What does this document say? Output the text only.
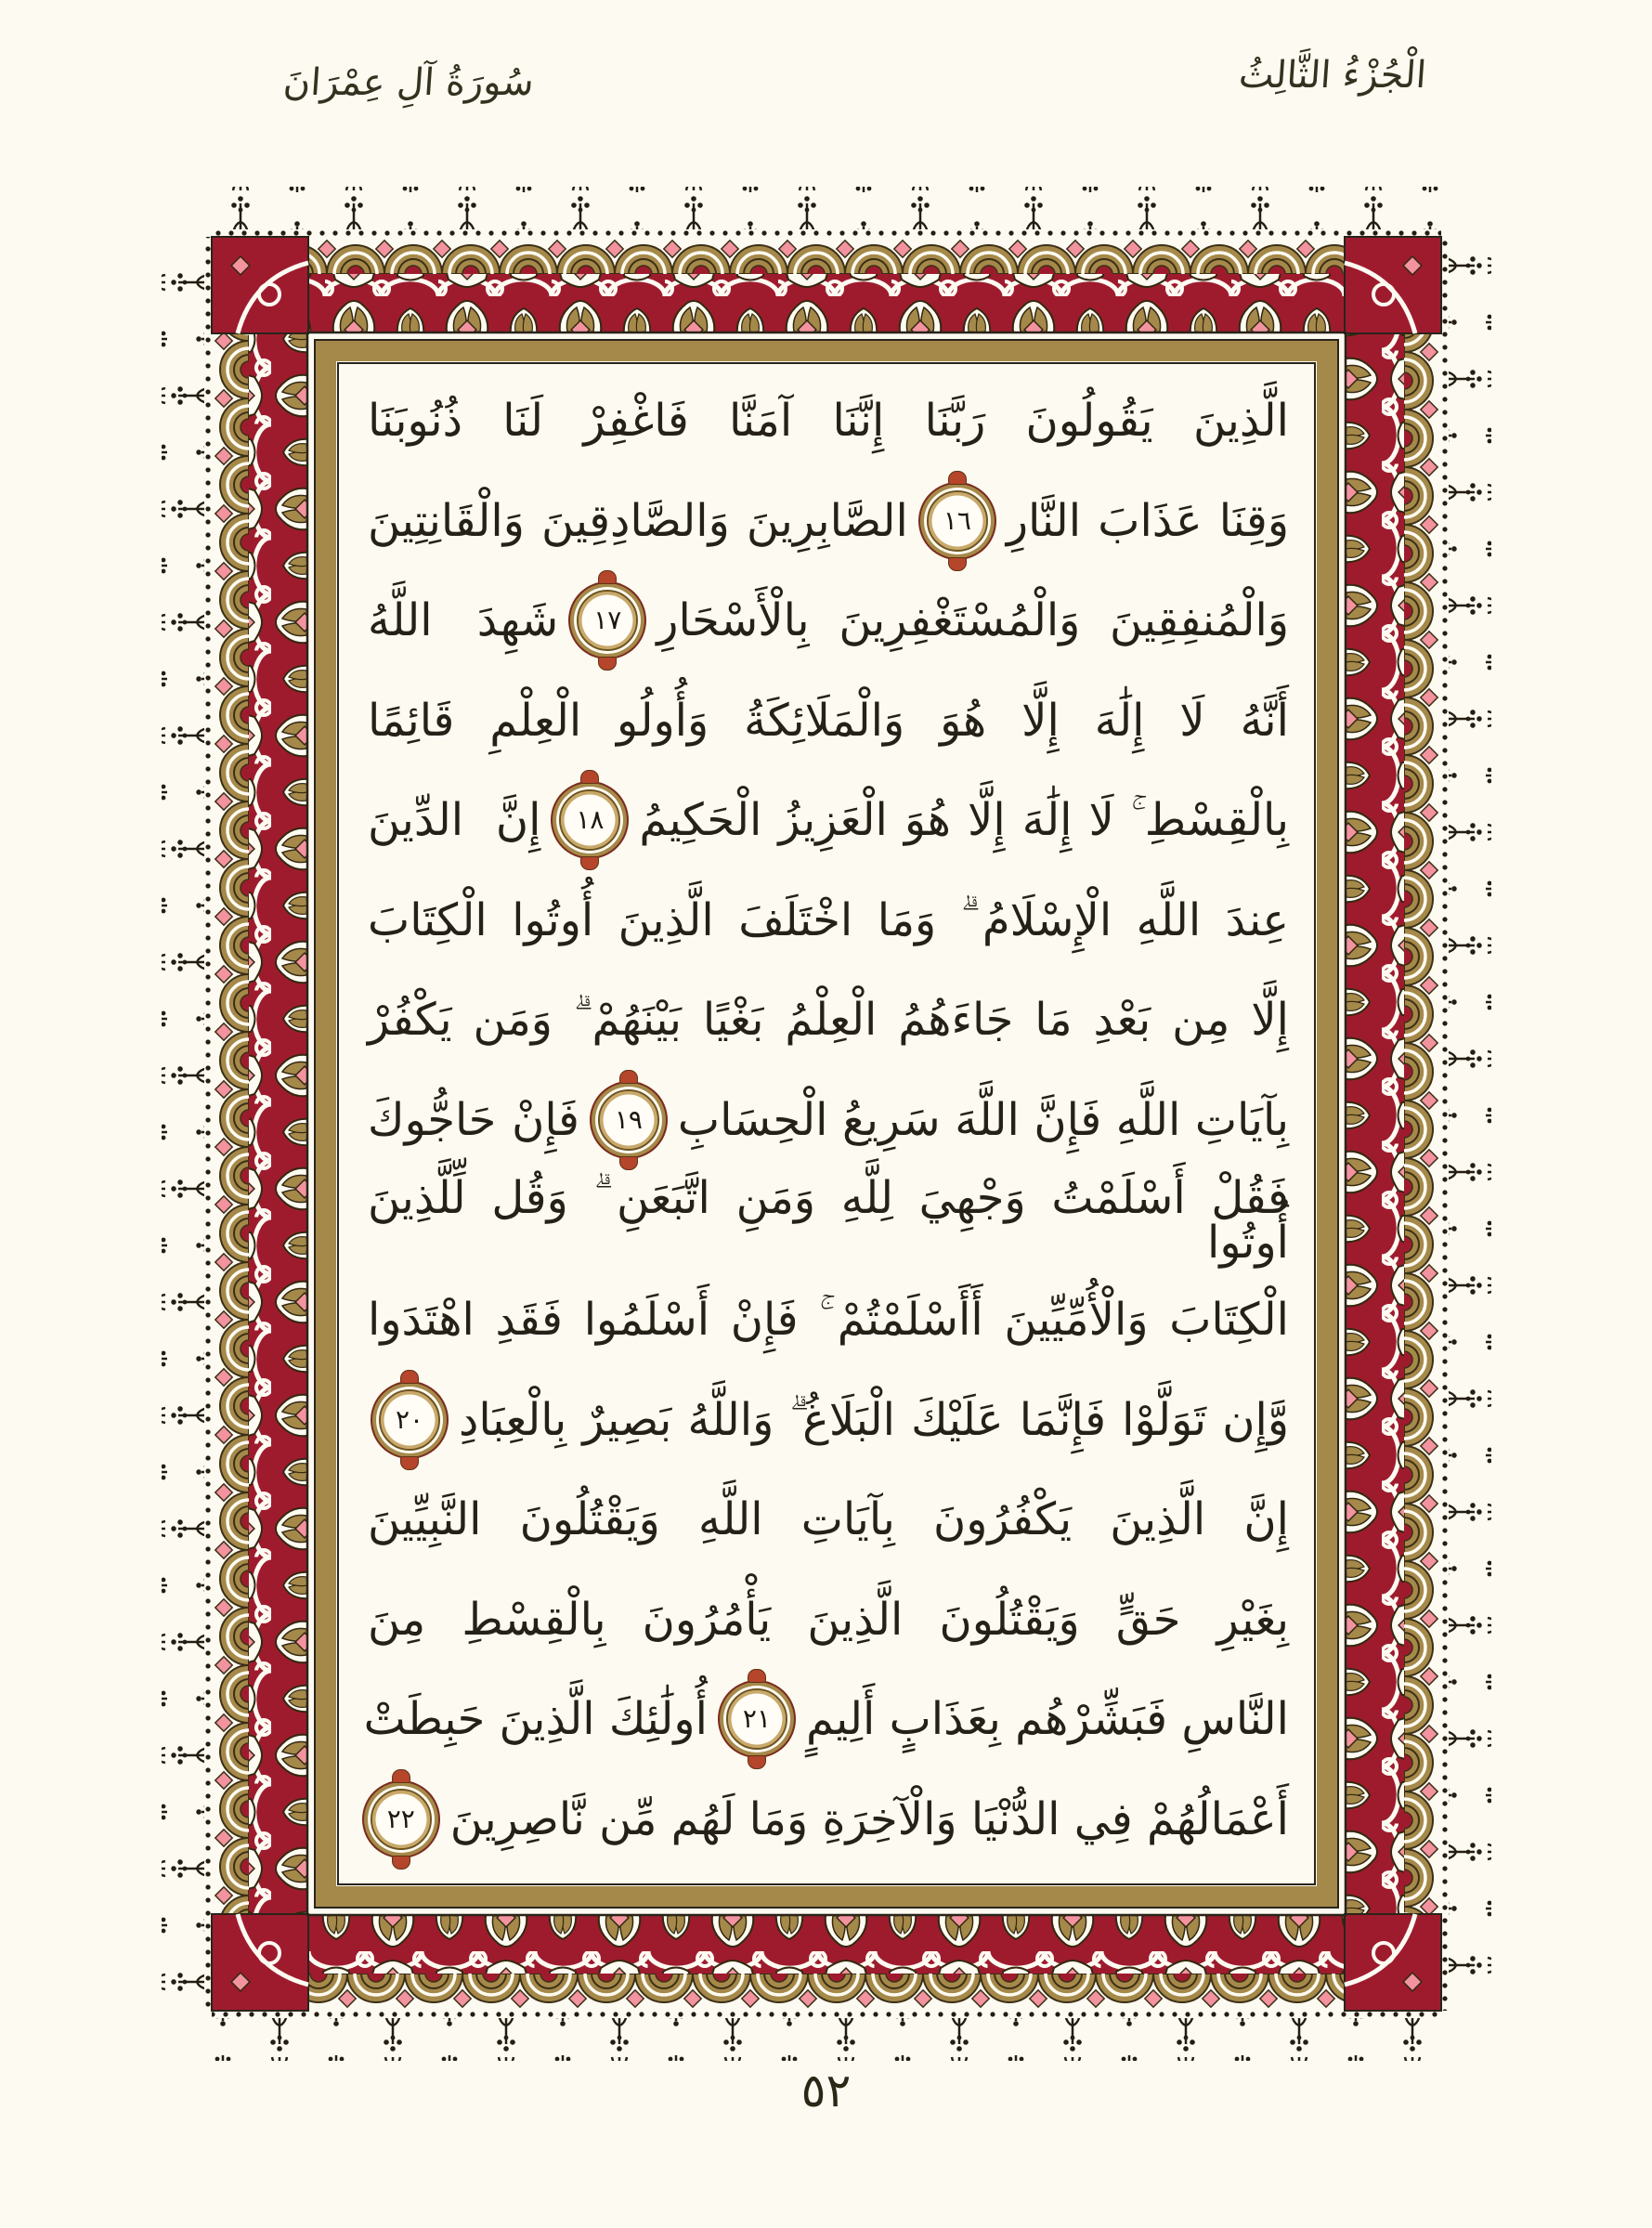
سُورَةُ آلِ عِمْرَانَ	الْجُزْءُ الثَّالِثُ
الَّذِينَ يَقُولُونَ رَبَّنَا إِنَّنَا آمَنَّا فَاغْفِرْ لَنَا ذُنُوبَنَا
وَقِنَا عَذَابَ النَّارِ
١٦
الصَّابِرِينَ وَالصَّادِقِينَ وَالْقَانِتِينَ
وَالْمُنفِقِينَ وَالْمُسْتَغْفِرِينَ بِالْأَسْحَارِ
١٧
شَهِدَ اللَّهُ
أَنَّهُ لَا إِلَٰهَ إِلَّا هُوَ وَالْمَلَائِكَةُ وَأُولُو الْعِلْمِ قَائِمًا
بِالْقِسْطِ ۚ لَا إِلَٰهَ إِلَّا هُوَ الْعَزِيزُ الْحَكِيمُ
١٨
إِنَّ الدِّينَ
عِندَ اللَّهِ الْإِسْلَامُ ۗ وَمَا اخْتَلَفَ الَّذِينَ أُوتُوا الْكِتَابَ
إِلَّا مِن بَعْدِ مَا جَاءَهُمُ الْعِلْمُ بَغْيًا بَيْنَهُمْ ۗ وَمَن يَكْفُرْ
بِآيَاتِ اللَّهِ فَإِنَّ اللَّهَ سَرِيعُ الْحِسَابِ
١٩
فَإِنْ حَاجُّوكَ
فَقُلْ أَسْلَمْتُ وَجْهِيَ لِلَّهِ وَمَنِ اتَّبَعَنِ ۗ وَقُل لِّلَّذِينَ أُوتُوا
الْكِتَابَ وَالْأُمِّيِّينَ أَأَسْلَمْتُمْ ۚ فَإِنْ أَسْلَمُوا فَقَدِ اهْتَدَوا
وَّإِن تَوَلَّوْا فَإِنَّمَا عَلَيْكَ الْبَلَاغُ ۗ وَاللَّهُ بَصِيرٌ بِالْعِبَادِ
٢٠
إِنَّ الَّذِينَ يَكْفُرُونَ بِآيَاتِ اللَّهِ وَيَقْتُلُونَ النَّبِيِّينَ
بِغَيْرِ حَقٍّ وَيَقْتُلُونَ الَّذِينَ يَأْمُرُونَ بِالْقِسْطِ مِنَ
النَّاسِ فَبَشِّرْهُم بِعَذَابٍ أَلِيمٍ
٢١
أُولَٰئِكَ الَّذِينَ حَبِطَتْ
أَعْمَالُهُمْ فِي الدُّنْيَا وَالْآخِرَةِ وَمَا لَهُم مِّن نَّاصِرِينَ
٢٢
٥٢
